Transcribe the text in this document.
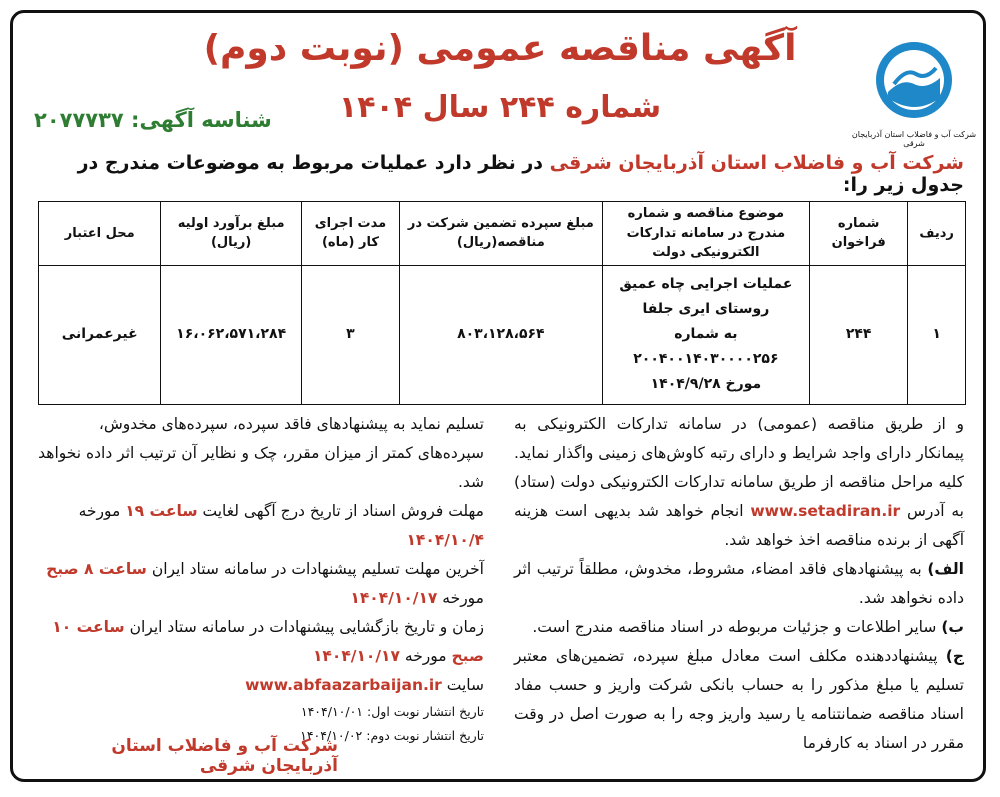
شرکت آب و فاضلاب استان آذربایجان شرقی
آگهی مناقصه عمومی (نوبت دوم)
شماره ۲۴۴ سال ۱۴۰۴
شناسه آگهی: ۲۰۷۷۷۳۷
شرکت آب و فاضلاب استان آذربایجان شرقی در نظر دارد عملیات مربوط به موضوعات مندرج در جدول زیر را:
ردیف	شماره فراخوان	موضوع مناقصه و شماره مندرج در سامانه تدارکات الکترونیکی دولت	مبلغ سپرده تضمین شرکت در مناقصه(ریال)	مدت اجرای کار (ماه)	مبلغ برآورد اولیه (ریال)	محل اعتبار
۱	۲۴۴	عملیات اجرایی چاه عمیق
روستای ایری جلفا
به شماره ۲۰۰۴۰۰۱۴۰۳۰۰۰۰۲۵۶
مورخ ۱۴۰۴/۹/۲۸	۸۰۳،۱۲۸،۵۶۴	۳	۱۶،۰۶۲،۵۷۱،۲۸۴	غیرعمرانی
و از طریق مناقصه (عمومی) در سامانه تدارکات الکترونیکی به پیمانکار دارای واجد شرایط و دارای رتبه کاوش‌های زمینی واگذار نماید. کلیه مراحل مناقصه از طریق سامانه تدارکات الکترونیکی دولت (ستاد) به آدرس www.setadiran.ir انجام خواهد شد بدیهی است هزینه آگهی از برنده مناقصه اخذ خواهد شد.
الف) به پیشنهادهای فاقد امضاء، مشروط، مخدوش، مطلقاً ترتیب اثر داده نخواهد شد.
ب) سایر اطلاعات و جزئیات مربوطه در اسناد مناقصه مندرج است.
ج) پیشنهاددهنده مکلف است معادل مبلغ سپرده، تضمین‌های معتبر تسلیم یا مبلغ مذکور را به حساب بانکی شرکت واریز و حسب مفاد اسناد مناقصه ضمانتنامه یا رسید واریز وجه را به صورت اصل در وقت مقرر در اسناد به کارفرما
تسلیم نماید به پیشنهادهای فاقد سپرده، سپرده‌های مخدوش، سپرده‌های کمتر از میزان مقرر، چک و نظایر آن ترتیب اثر داده نخواهد شد.
مهلت فروش اسناد از تاریخ درج آگهی لغایت ساعت ۱۹ مورخه ۱۴۰۴/۱۰/۴
آخرین مهلت تسلیم پیشنهادات در سامانه ستاد ایران ساعت ۸ صبح مورخه ۱۴۰۴/۱۰/۱۷
زمان و تاریخ بازگشایی پیشنهادات در سامانه ستاد ایران ساعت ۱۰ صبح مورخه ۱۴۰۴/۱۰/۱۷
سایت www.abfaazarbaijan.ir
تاریخ انتشار نوبت اول: ۱۴۰۴/۱۰/۰۱
تاریخ انتشار نوبت دوم: ۱۴۰۴/۱۰/۰۲
شرکت آب و فاضلاب استان آذربایجان شرقی
